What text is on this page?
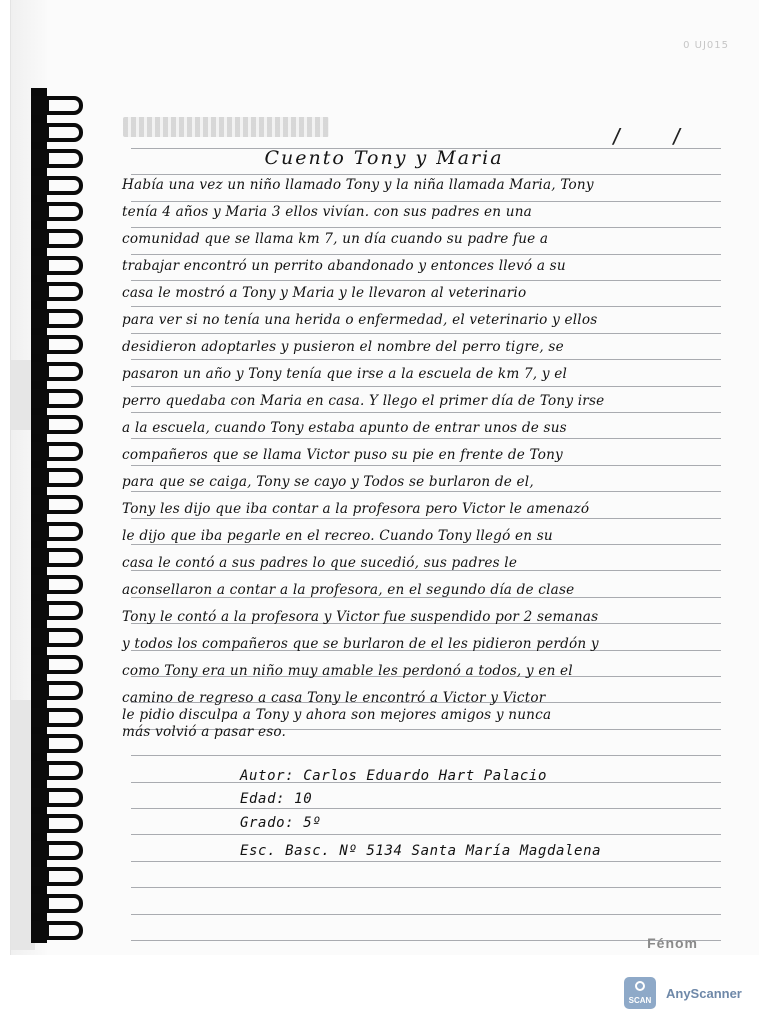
0 UJ015
/ /
Cuento Tony y Maria
Había una vez un niño llamado Tony y la niña llamada Maria, Tony
tenía 4 años y Maria 3 ellos vivían. con sus padres en una
comunidad que se llama km 7, un día cuando su padre fue a
trabajar encontró un perrito abandonado y entonces llevó a su
casa le mostró a Tony y Maria y le llevaron al veterinario
para ver si no tenía una herida o enfermedad, el veterinario y ellos
desidieron adoptarles y pusieron el nombre del perro tigre, se
pasaron un año y Tony tenía que irse a la escuela de km 7, y el
perro quedaba con Maria en casa. Y llego el primer día de Tony irse
a la escuela, cuando Tony estaba apunto de entrar unos de sus
compañeros que se llama Victor puso su pie en frente de Tony
para que se caiga, Tony se cayo y Todos se burlaron de el,
Tony les dijo que iba contar a la profesora pero Victor le amenazó
le dijo que iba pegarle en el recreo. Cuando Tony llegó en su
casa le contó a sus padres lo que sucedió, sus padres le
aconsellaron a contar a la profesora, en el segundo día de clase
Tony le contó a la profesora y Victor fue suspendido por 2 semanas
y todos los compañeros que se burlaron de el les pidieron perdón y
como Tony era un niño muy amable les perdonó a todos, y en el
camino de regreso a casa Tony le encontró a Victor y Victor
le pidio disculpa a Tony y ahora son mejores amigos y nunca
más volvió a pasar eso.
Autor: Carlos Eduardo Hart Palacio
Edad: 10
Grado: 5º
Esc. Basc. Nº 5134 Santa María Magdalena
Fénom
SCAN	AnyScanner
